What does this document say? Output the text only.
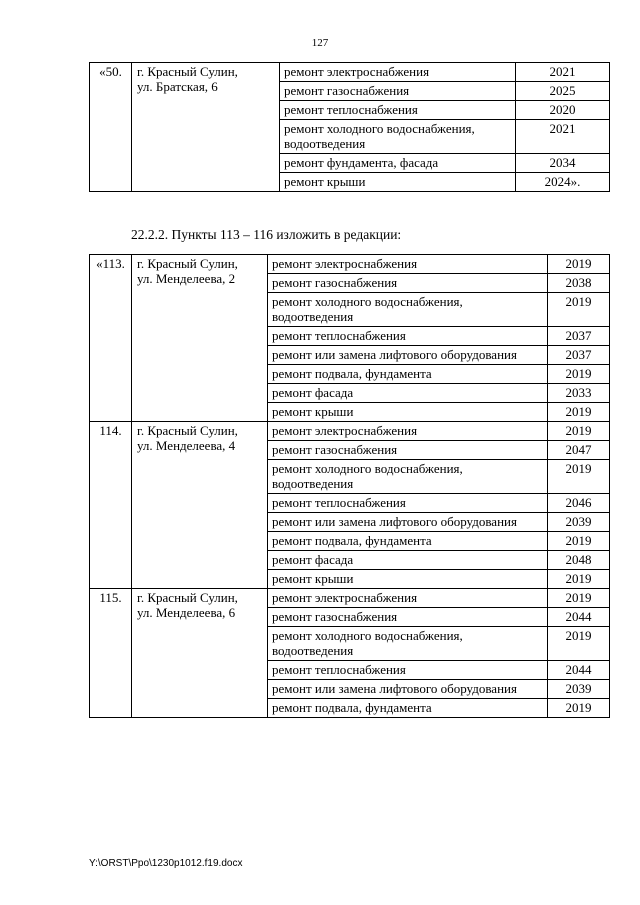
127
«50.	г. Красный Сулин,
ул. Братская, 6	ремонт электроснабжения	2021
		ремонт газоснабжения	2025
		ремонт теплоснабжения	2020
		ремонт холодного водоснабжения, водоотведения	2021
		ремонт фундамента, фасада	2034
		ремонт крыши	2024».
22.2.2. Пункты 113 – 116 изложить в редакции:
«113.	г. Красный Сулин,
ул. Менделеева, 2	ремонт электроснабжения	2019
		ремонт газоснабжения	2038
		ремонт холодного водоснабжения, водоотведения	2019
		ремонт теплоснабжения	2037
		ремонт или замена лифтового оборудования	2037
		ремонт подвала, фундамента	2019
		ремонт фасада	2033
		ремонт крыши	2019
114.	г. Красный Сулин,
ул. Менделеева, 4	ремонт электроснабжения	2019
		ремонт газоснабжения	2047
		ремонт холодного водоснабжения, водоотведения	2019
		ремонт теплоснабжения	2046
		ремонт или замена лифтового оборудования	2039
		ремонт подвала, фундамента	2019
		ремонт фасада	2048
		ремонт крыши	2019
115.	г. Красный Сулин,
ул. Менделеева, 6	ремонт электроснабжения	2019
		ремонт газоснабжения	2044
		ремонт холодного водоснабжения, водоотведения	2019
		ремонт теплоснабжения	2044
		ремонт или замена лифтового оборудования	2039
		ремонт подвала, фундамента	2019
Y:\ORST\Ppo\1230p1012.f19.docx
